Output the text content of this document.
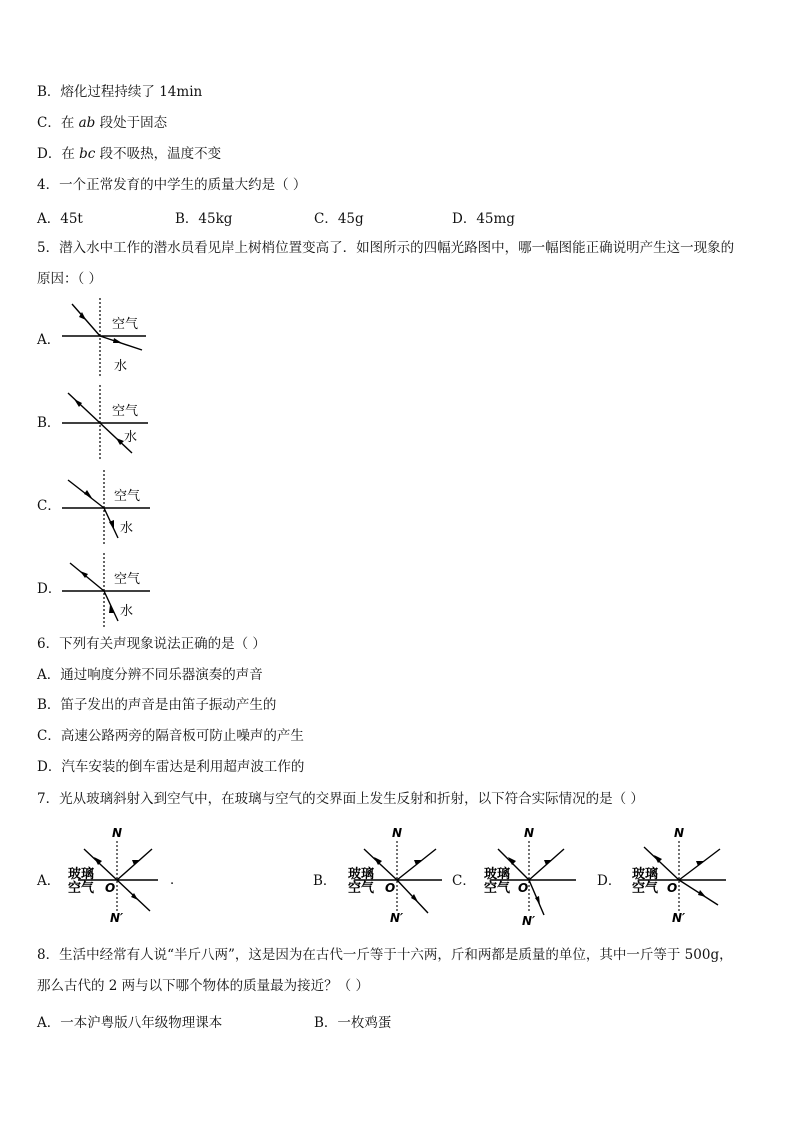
B．熔化过程持续了 14min
C．在 ab 段处于固态
D．在 bc 段不吸热，温度不变
4．一个正常发育的中学生的质量大约是（ ）
A．45t	B．45kg	C．45g	D．45mg
5．潜入水中工作的潜水员看见岸上树梢位置变高了．如图所示的四幅光路图中，哪一幅图能正确说明产生这一现象的
原因：（ ）
A．
空气
水
B．
空气
水
C．
空气
水
D．
空气
水
6．下列有关声现象说法正确的是（ ）
A．通过响度分辨不同乐器演奏的声音
B．笛子发出的声音是由笛子振动产生的
C．高速公路两旁的隔音板可防止噪声的产生
D．汽车安装的倒车雷达是利用超声波工作的
7．光从玻璃斜射入到空气中，在玻璃与空气的交界面上发生反射和折射，以下符合实际情况的是（ ）
A．
N
N′
O
玻璃
空气
.	B．
N
N′
O
玻璃
空气	C．
N
N′
O
玻璃
空气	D．
N
N′
O
玻璃
空气
8．生活中经常有人说“半斤八两”，这是因为在古代一斤等于十六两，斤和两都是质量的单位，其中一斤等于 500g，
那么古代的 2 两与以下哪个物体的质量最为接近？（ ）
A．一本沪粤版八年级物理课本	B．一枚鸡蛋
